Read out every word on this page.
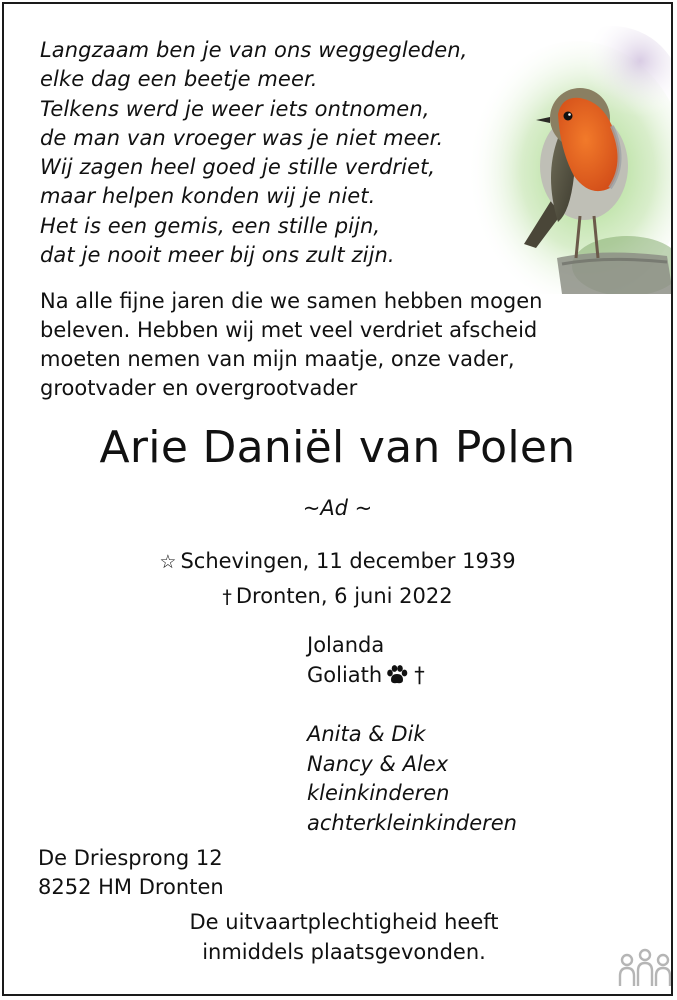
Langzaam ben je van ons weggegleden,
elke dag een beetje meer.
Telkens werd je weer iets ontnomen,
de man van vroeger was je niet meer.
Wij zagen heel goed je stille verdriet,
maar helpen konden wij je niet.
Het is een gemis, een stille pijn,
dat je nooit meer bij ons zult zijn.
Na alle fijne jaren die we samen hebben mogen
beleven. Hebben wij met veel verdriet afscheid
moeten nemen van mijn maatje, onze vader,
grootvader en overgrootvader
Arie Daniël van Polen
~Ad ~
☆ Schevingen, 11 december 1939
† Dronten, 6 juni 2022
Jolanda
Goliath †
Anita & Dik
Nancy & Alex
kleinkinderen
achterkleinkinderen
De Driesprong 12
8252 HM Dronten
De uitvaartplechtigheid heeft
inmiddels plaatsgevonden.
